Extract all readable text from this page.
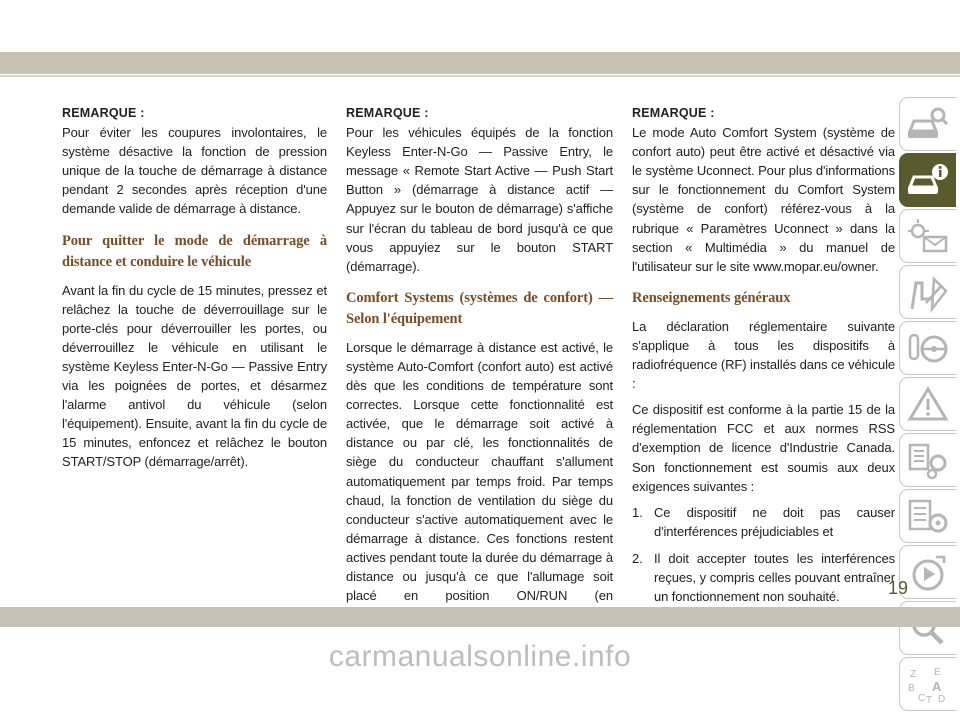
REMARQUE :

Pour éviter les coupures involontaires, le système désactive la fonction de pression unique de la touche de démarrage à distance pendant 2 secondes après réception d'une demande valide de démarrage à distance.

Pour quitter le mode de démarrage à distance et conduire le véhicule

Avant la fin du cycle de 15 minutes, pressez et relâchez la touche de déverrouillage sur le porte-clés pour déverrouiller les portes, ou déverrouillez le véhicule en utilisant le système Keyless Enter-N-Go — Passive Entry via les poignées de portes, et désarmez l'alarme antivol du véhicule (selon l'équipement). Ensuite, avant la fin du cycle de 15 minutes, enfoncez et relâchez le bouton START/STOP (démarrage/arrêt).

REMARQUE :

Pour les véhicules équipés de la fonction Keyless Enter-N-Go — Passive Entry, le message « Remote Start Active — Push Start Button » (démarrage à distance actif — Appuyez sur le bouton de démarrage) s'affiche sur l'écran du tableau de bord jusqu'à ce que vous appuyiez sur le bouton START (démarrage).

Comfort Systems (systèmes de confort) — Selon l'équipement

Lorsque le démarrage à distance est activé, le système Auto-Comfort (confort auto) est activé dès que les conditions de température sont correctes. Lorsque cette fonctionnalité est activée, que le démarrage soit activé à distance ou par clé, les fonctionnalités de siège du conducteur chauffant s'allument automatiquement par temps froid. Par temps chaud, la fonction de ventilation du siège du conducteur s'active automatiquement avec le démarrage à distance. Ces fonctions restent actives pendant toute la durée du démarrage à distance ou jusqu'à ce que l'allumage soit placé en position ON/RUN (en

REMARQUE :

Le mode Auto Comfort System (système de confort auto) peut être activé et désactivé via le système Uconnect. Pour plus d'informations sur le fonctionnement du Comfort System (système de confort) référez-vous à la rubrique « Paramètres Uconnect » dans la section « Multimédia » du manuel de l'utilisateur sur le site www.mopar.eu/owner.

Renseignements généraux

La déclaration réglementaire suivante s'applique à tous les dispositifs à radiofréquence (RF) installés dans ce véhicule :

Ce dispositif est conforme à la partie 15 de la réglementation FCC et aux normes RSS d'exemption de licence d'Industrie Canada. Son fonctionnement est soumis aux deux exigences suivantes :

1. Ce dispositif ne doit pas causer d'interférences préjudiciables et
2. Il doit accepter toutes les interférences reçues, y compris celles pouvant entraîner un fonctionnement non souhaité.
Z E
B A
C T D
19
carmanualsonline.info
